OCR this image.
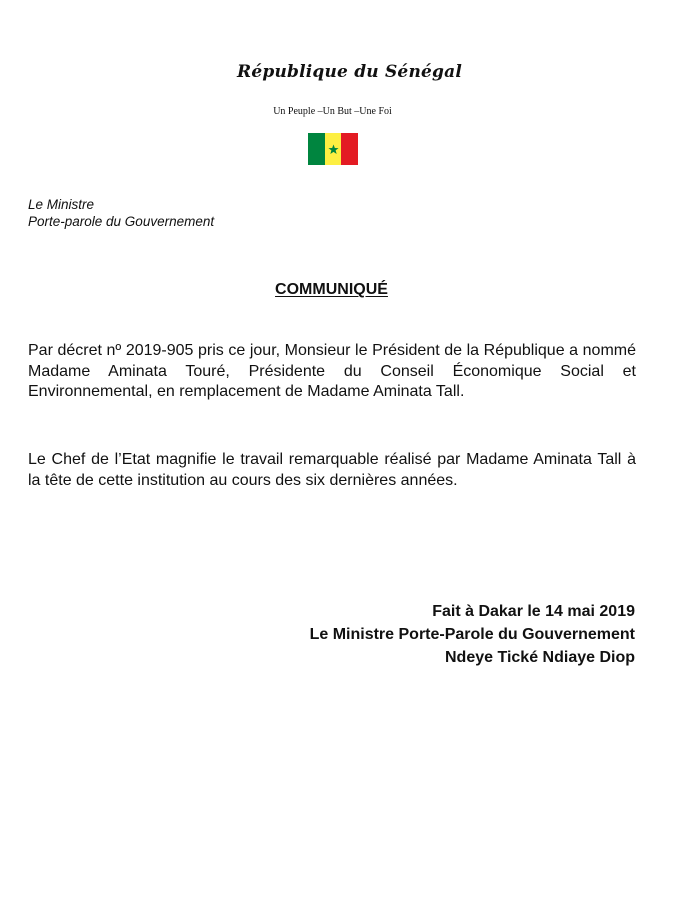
République du Sénégal
Un Peuple –Un But –Une Foi
Le Ministre
Porte-parole du Gouvernement
COMMUNIQUÉ

Par décret nº 2019-905 pris ce jour, Monsieur le Président de la République a nommé Madame Aminata Touré, Présidente du Conseil Économique Social et Environnemental, en remplacement de Madame Aminata Tall.

Le Chef de l’Etat magnifie le travail remarquable réalisé par Madame Aminata Tall à la tête de cette institution au cours des six dernières années.

Fait à Dakar le 14 mai 2019
Le Ministre Porte-Parole du Gouvernement
Ndeye Tické Ndiaye Diop
